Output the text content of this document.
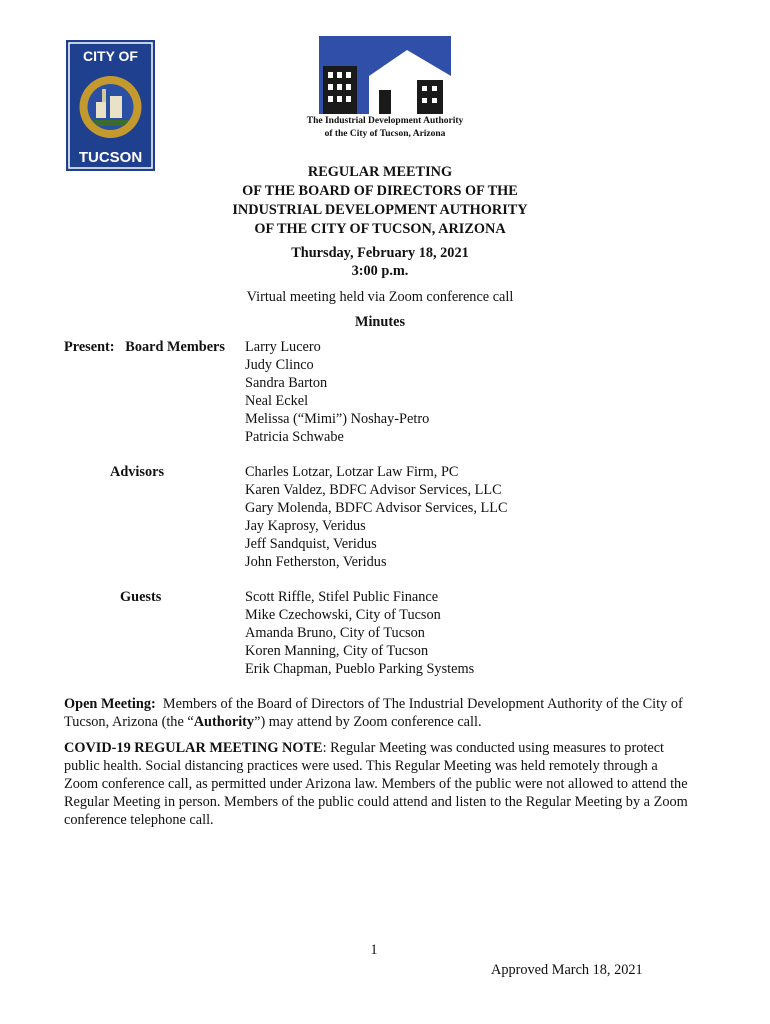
CITY OF
TUCSON
The Industrial Development Authority
of the City of Tucson, Arizona
REGULAR MEETING
OF THE BOARD OF DIRECTORS OF THE
INDUSTRIAL DEVELOPMENT AUTHORITY
OF THE CITY OF TUCSON, ARIZONA
Thursday, February 18, 2021
3:00 p.m.
Virtual meeting held via Zoom conference call
Minutes
Present: Board Members Larry Lucero
Judy Clinco
Sandra Barton
Neal Eckel
Melissa (“Mimi”) Noshay-Petro
Patricia Schwabe
Advisors	Charles Lotzar, Lotzar Law Firm, PC
Karen Valdez, BDFC Advisor Services, LLC
Gary Molenda, BDFC Advisor Services, LLC
Jay Kaprosy, Veridus
Jeff Sandquist, Veridus
John Fetherston, Veridus
Guests	Scott Riffle, Stifel Public Finance
Mike Czechowski, City of Tucson
Amanda Bruno, City of Tucson
Koren Manning, City of Tucson
Erik Chapman, Pueblo Parking Systems
Open Meeting: Members of the Board of Directors of The Industrial Development Authority of the City of Tucson, Arizona (the “Authority”) may attend by Zoom conference call.
COVID-19 REGULAR MEETING NOTE: Regular Meeting was conducted using measures to protect public health. Social distancing practices were used. This Regular Meeting was held remotely through a Zoom conference call, as permitted under Arizona law. Members of the public were not allowed to attend the Regular Meeting in person. Members of the public could attend and listen to the Regular Meeting by a Zoom conference telephone call.
1
Approved March 18, 2021
